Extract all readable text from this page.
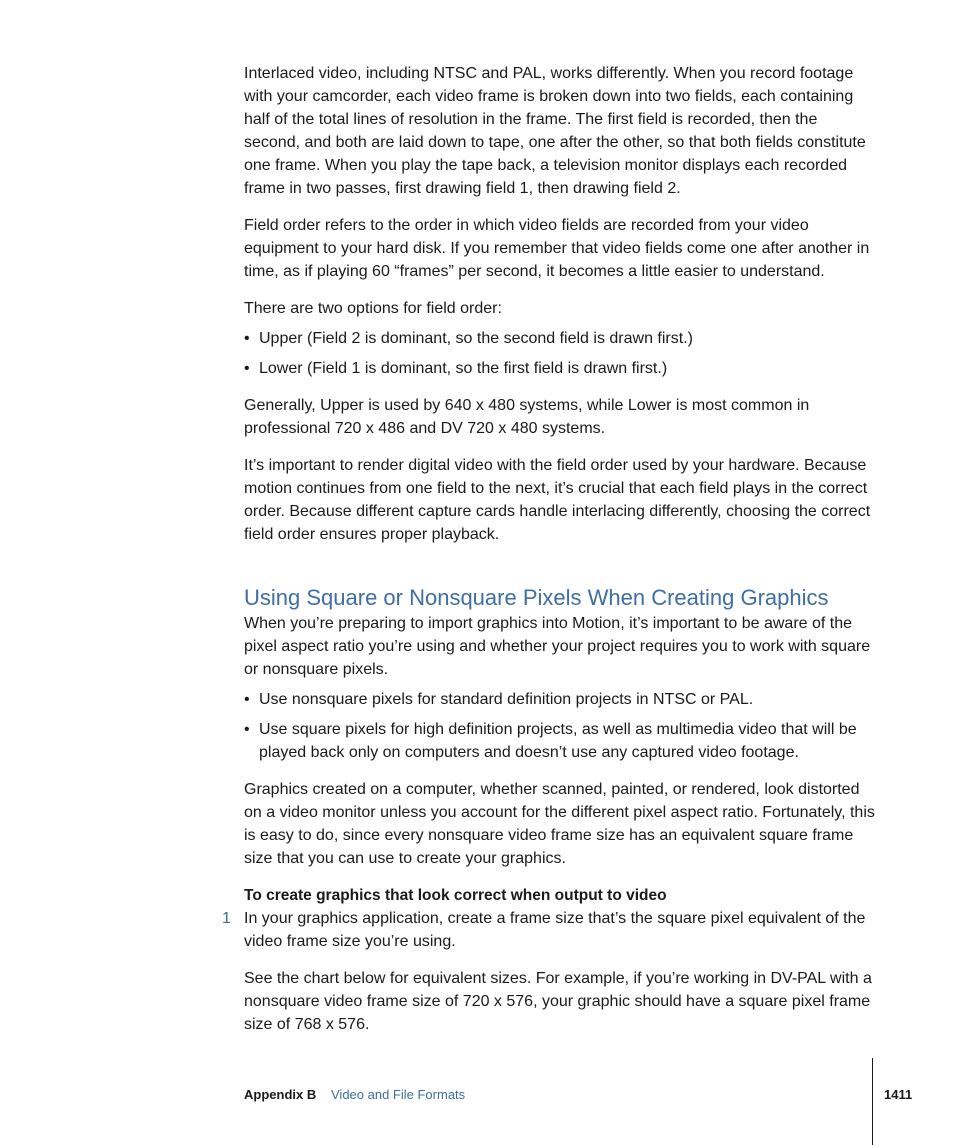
Interlaced video, including NTSC and PAL, works differently. When you record footage with your camcorder, each video frame is broken down into two fields, each containing half of the total lines of resolution in the frame. The first field is recorded, then the second, and both are laid down to tape, one after the other, so that both fields constitute one frame. When you play the tape back, a television monitor displays each recorded frame in two passes, first drawing field 1, then drawing field 2.

Field order refers to the order in which video fields are recorded from your video equipment to your hard disk. If you remember that video fields come one after another in time, as if playing 60 “frames” per second, it becomes a little easier to understand.

There are two options for field order:

• Upper (Field 2 is dominant, so the second field is drawn first.)
• Lower (Field 1 is dominant, so the first field is drawn first.)

Generally, Upper is used by 640 x 480 systems, while Lower is most common in professional 720 x 486 and DV 720 x 480 systems.

It’s important to render digital video with the field order used by your hardware. Because motion continues from one field to the next, it’s crucial that each field plays in the correct order. Because different capture cards handle interlacing differently, choosing the correct field order ensures proper playback.

Using Square or Nonsquare Pixels When Creating Graphics

When you’re preparing to import graphics into Motion, it’s important to be aware of the pixel aspect ratio you’re using and whether your project requires you to work with square or nonsquare pixels.

• Use nonsquare pixels for standard definition projects in NTSC or PAL.
• Use square pixels for high definition projects, as well as multimedia video that will be played back only on computers and doesn’t use any captured video footage.

Graphics created on a computer, whether scanned, painted, or rendered, look distorted on a video monitor unless you account for the different pixel aspect ratio. Fortunately, this is easy to do, since every nonsquare video frame size has an equivalent square frame size that you can use to create your graphics.

To create graphics that look correct when output to video

1 In your graphics application, create a frame size that’s the square pixel equivalent of the video frame size you’re using.

See the chart below for equivalent sizes. For example, if you’re working in DV-PAL with a nonsquare video frame size of 720 x 576, your graphic should have a square pixel frame size of 768 x 576.

Appendix B Video and File Formats	1411
